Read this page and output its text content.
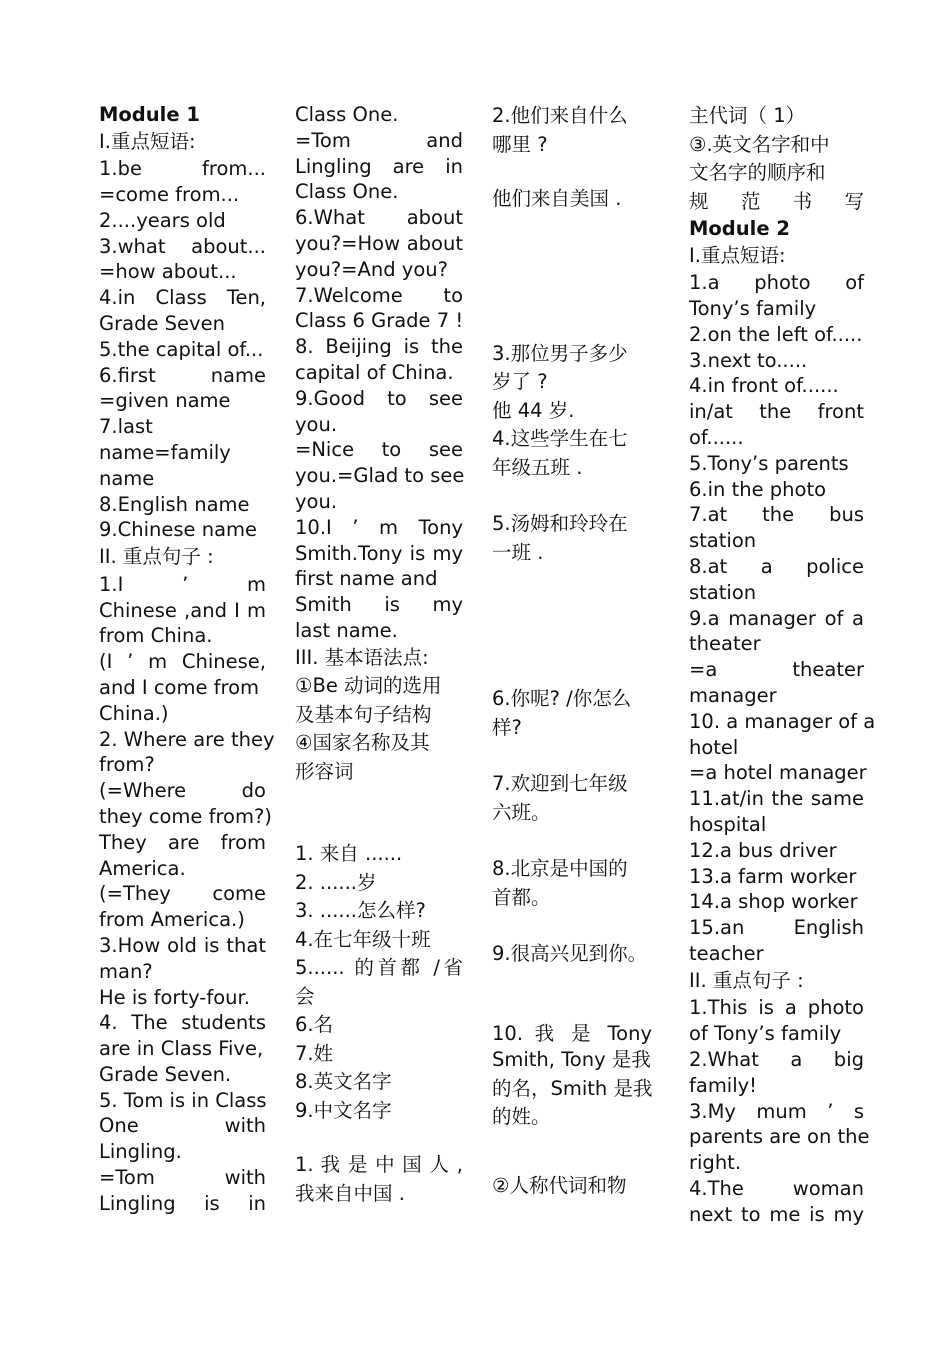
Module 1
I.重点短语:
1.be from...
=come from...
2....years old
3.what about...
=how about...
4.in Class Ten,
Grade Seven
5.the capital of...
6.first name
=given name
7.last
name=family
name
8.English name
9.Chinese name
II. 重点句子 :
1.I ’ m
Chinese ,and I m
from China.
(I ’ m Chinese,
and I come from
China.)
2. Where are they
from?
(=Where do
they come from?)
They are from
America.
(=They come
from America.)
3.How old is that
man?
He is forty-four.
4. The students
are in Class Five,
Grade Seven.
5. Tom is in Class
One with
Lingling.
=Tom with
Lingling is in
Class One.
=Tom and
Lingling are in
Class One.
6.What about
you?=How about
you?=And you?
7.Welcome to
Class 6 Grade 7 !
8. Beijing is the
capital of China.
9.Good to see
you.
=Nice to see
you.=Glad to see
you.
10.I ’ m Tony
Smith.Tony is my
first name and
Smith is my
last name.
III. 基本语法点:
①Be 动词的选用
及基本句子结构
④国家名称及其
形容词
1. 来自 ......
2. ......岁
3. ......怎么样?
4.在七年级十班
5...... 的首都 /省
会
6.名
7.姓
8.英文名字
9.中文名字
1. 我 是 中 国 人 ,
我来自中国 .
2.他们来自什么
哪里 ?
他们来自美国 .
3.那位男子多少
岁了 ?
他 44 岁.
4.这些学生在七
年级五班 .
5.汤姆和玲玲在
一班 .
6.你呢? /你怎么
样?
7.欢迎到七年级
六班。
8.北京是中国的
首都。
9.很高兴见到你。
10. 我 是 Tony
Smith, Tony 是我
的名，Smith 是我
的姓。
②人称代词和物
主代词（ 1）
③.英文名字和中
文名字的顺序和
规 范 书 写
Module 2
I.重点短语:
1.a photo of
Tony’s family
2.on the left of.....
3.next to.....
4.in front of......
in/at the front
of......
5.Tony’s parents
6.in the photo
7.at the bus
station
8.at a police
station
9.a manager of a
theater
=a theater
manager
10. a manager of a
hotel
=a hotel manager
11.at/in the same
hospital
12.a bus driver
13.a farm worker
14.a shop worker
15.an English
teacher
II. 重点句子 :
1.This is a photo
of Tony’s family
2.What a big
family!
3.My mum ’ s
parents are on the
right.
4.The woman
next to me is my
